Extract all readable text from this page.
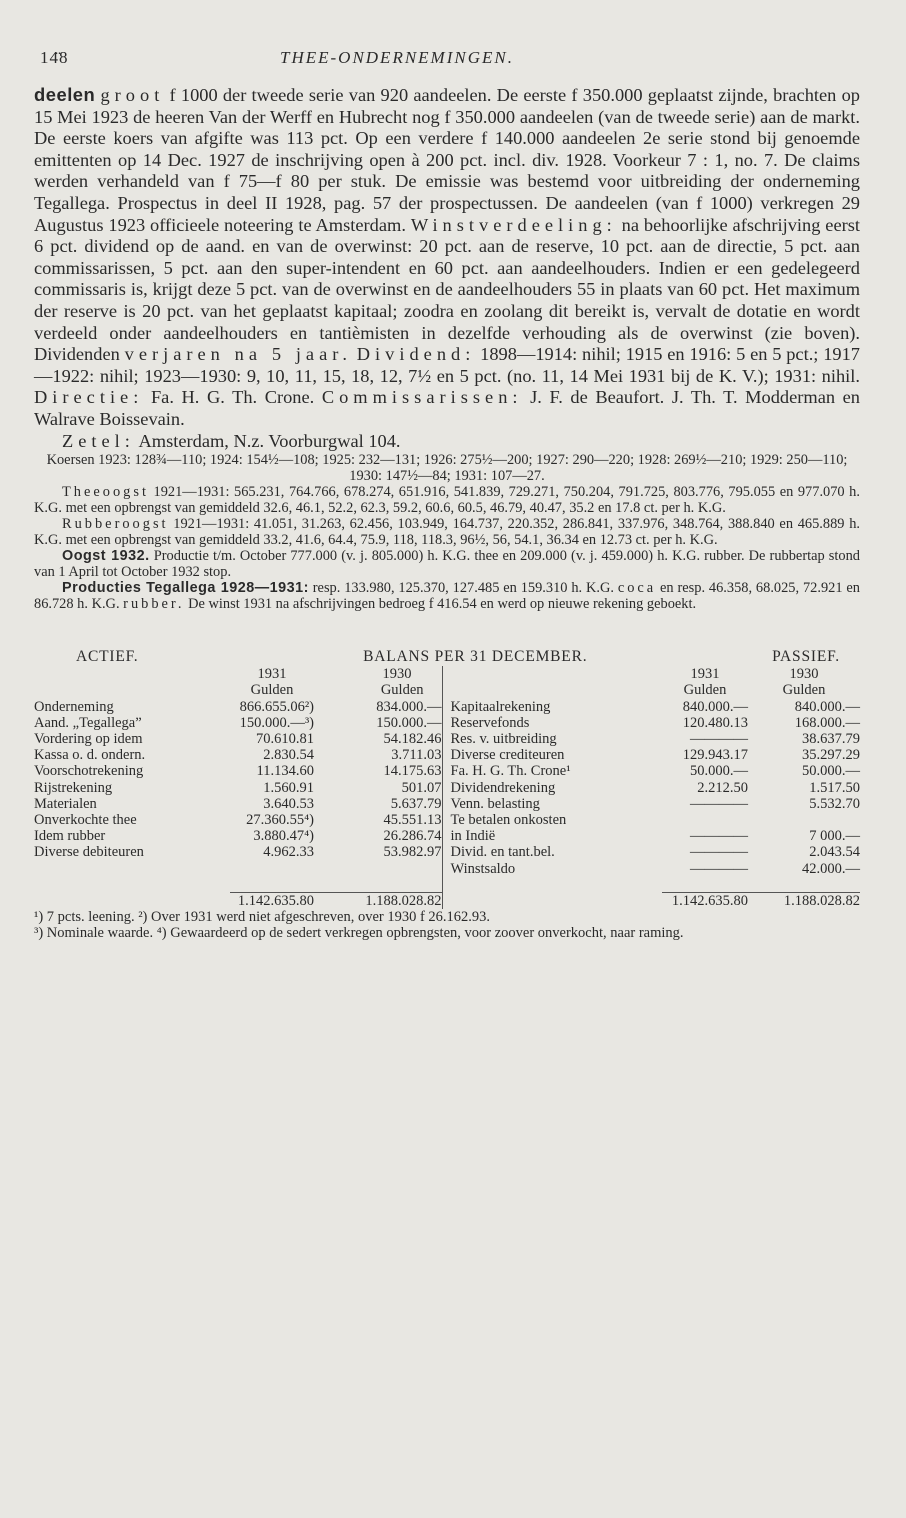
14̈8	THEE-ONDERNEMINGEN.

deelen groot f 1000 der tweede serie van 920 aandeelen. De eerste f 350.000 geplaatst zijnde, brachten op 15 Mei 1923 de heeren Van der Werff en Hubrecht nog f 350.000 aandeelen (van de tweede serie) aan de markt. De eerste koers van afgifte was 113 pct. Op een verdere f 140.000 aandeelen 2e serie stond bij genoemde emittenten op 14 Dec. 1927 de inschrijving open à 200 pct. incl. div. 1928. Voorkeur 7 : 1, no. 7. De claims werden verhandeld van f 75—f 80 per stuk. De emissie was bestemd voor uitbreiding der onderneming Tegallega. Prospectus in deel II 1928, pag. 57 der prospectussen. De aandeelen (van f 1000) verkregen 29 Augustus 1923 officieele noteering te Amsterdam. Winstverdeeling: na behoorlijke afschrijving eerst 6 pct. dividend op de aand. en van de overwinst: 20 pct. aan de reserve, 10 pct. aan de directie, 5 pct. aan commissarissen, 5 pct. aan den super-intendent en 60 pct. aan aandeelhouders. Indien er een gedelegeerd commissaris is, krijgt deze 5 pct. van de overwinst en de aandeelhouders 55 in plaats van 60 pct. Het maximum der reserve is 20 pct. van het geplaatst kapitaal; zoodra en zoolang dit bereikt is, vervalt de dotatie en wordt verdeeld onder aandeelhouders en tantièmisten in dezelfde verhouding als de overwinst (zie boven). Dividenden verjaren na 5 jaar. Dividend: 1898—1914: nihil; 1915 en 1916: 5 en 5 pct.; 1917—1922: nihil; 1923—1930: 9, 10, 11, 15, 18, 12, 7½ en 5 pct. (no. 11, 14 Mei 1931 bij de K. V.); 1931: nihil. Directie: Fa. H. G. Th. Crone. Commissarissen: J. F. de Beaufort. J. Th. T. Modderman en Walrave Boissevain.

Zetel: Amsterdam, N.z. Voorburgwal 104.

Koersen 1923: 128¾—110; 1924: 154½—108; 1925: 232—131; 1926: 275½—200; 1927: 290—220; 1928: 269½—210; 1929: 250—110; 1930: 147½—84; 1931: 107—27.

Theeoogst 1921—1931: 565.231, 764.766, 678.274, 651.916, 541.839, 729.271, 750.204, 791.725, 803.776, 795.055 en 977.070 h. K.G. met een opbrengst van gemiddeld 32.6, 46.1, 52.2, 62.3, 59.2, 60.6, 60.5, 46.79, 40.47, 35.2 en 17.8 ct. per h. K.G.

Rubberoogst 1921—1931: 41.051, 31.263, 62.456, 103.949, 164.737, 220.352, 286.841, 337.976, 348.764, 388.840 en 465.889 h. K.G. met een opbrengst van gemiddeld 33.2, 41.6, 64.4, 75.9, 118, 118.3, 96½, 56, 54.1, 36.34 en 12.73 ct. per h. K.G.

Oogst 1932. Productie t/m. October 777.000 (v. j. 805.000) h. K.G. thee en 209.000 (v. j. 459.000) h. K.G. rubber. De rubbertap stond van 1 April tot October 1932 stop.

Producties Tegallega 1928—1931: resp. 133.980, 125.370, 127.485 en 159.310 h. K.G. coca en resp. 46.358, 68.025, 72.921 en 86.728 h. K.G. rubber. De winst 1931 na afschrijvingen bedroeg f 416.54 en werd op nieuwe rekening geboekt.

ACTIEF.	BALANS PER 31 DECEMBER.	PASSIEF.
	1931	1930		1931	1930
	Gulden	Gulden		Gulden	Gulden
Onderneming	866.655.06²)	834.000.—	Kapitaalrekening	840.000.—	840.000.—
Aand. „Tegallega”	150.000.—³)	150.000.—	Reservefonds	120.480.13	168.000.—
Vordering op idem	70.610.81	54.182.46	Res. v. uitbreiding	————	38.637.79
Kassa o. d. ondern.	2.830.54	3.711.03	Diverse crediteuren	129.943.17	35.297.29
Voorschotrekening	11.134.60	14.175.63	Fa. H. G. Th. Crone¹	50.000.—	50.000.—
Rijstrekening	1.560.91	501.07	Dividendrekening	2.212.50	1.517.50
Materialen	3.640.53	5.637.79	Venn. belasting	————	5.532.70
Onverkochte thee	27.360.55⁴)	45.551.13	Te betalen onkosten		
Idem rubber	3.880.47⁴)	26.286.74	in Indië	————	7 000.—
Diverse debiteuren	4.962.33	53.982.97	Divid. en tant.bel.	————	2.043.54
			Winstsaldo	————	42.000.—

	1.142.635.80	1.188.028.82		1.142.635.80	1.188.028.82
¹) 7 pcts. leening. ²) Over 1931 werd niet afgeschreven, over 1930 f 26.162.93.
³) Nominale waarde. ⁴) Gewaardeerd op de sedert verkregen opbrengsten, voor zoover onverkocht, naar raming.
